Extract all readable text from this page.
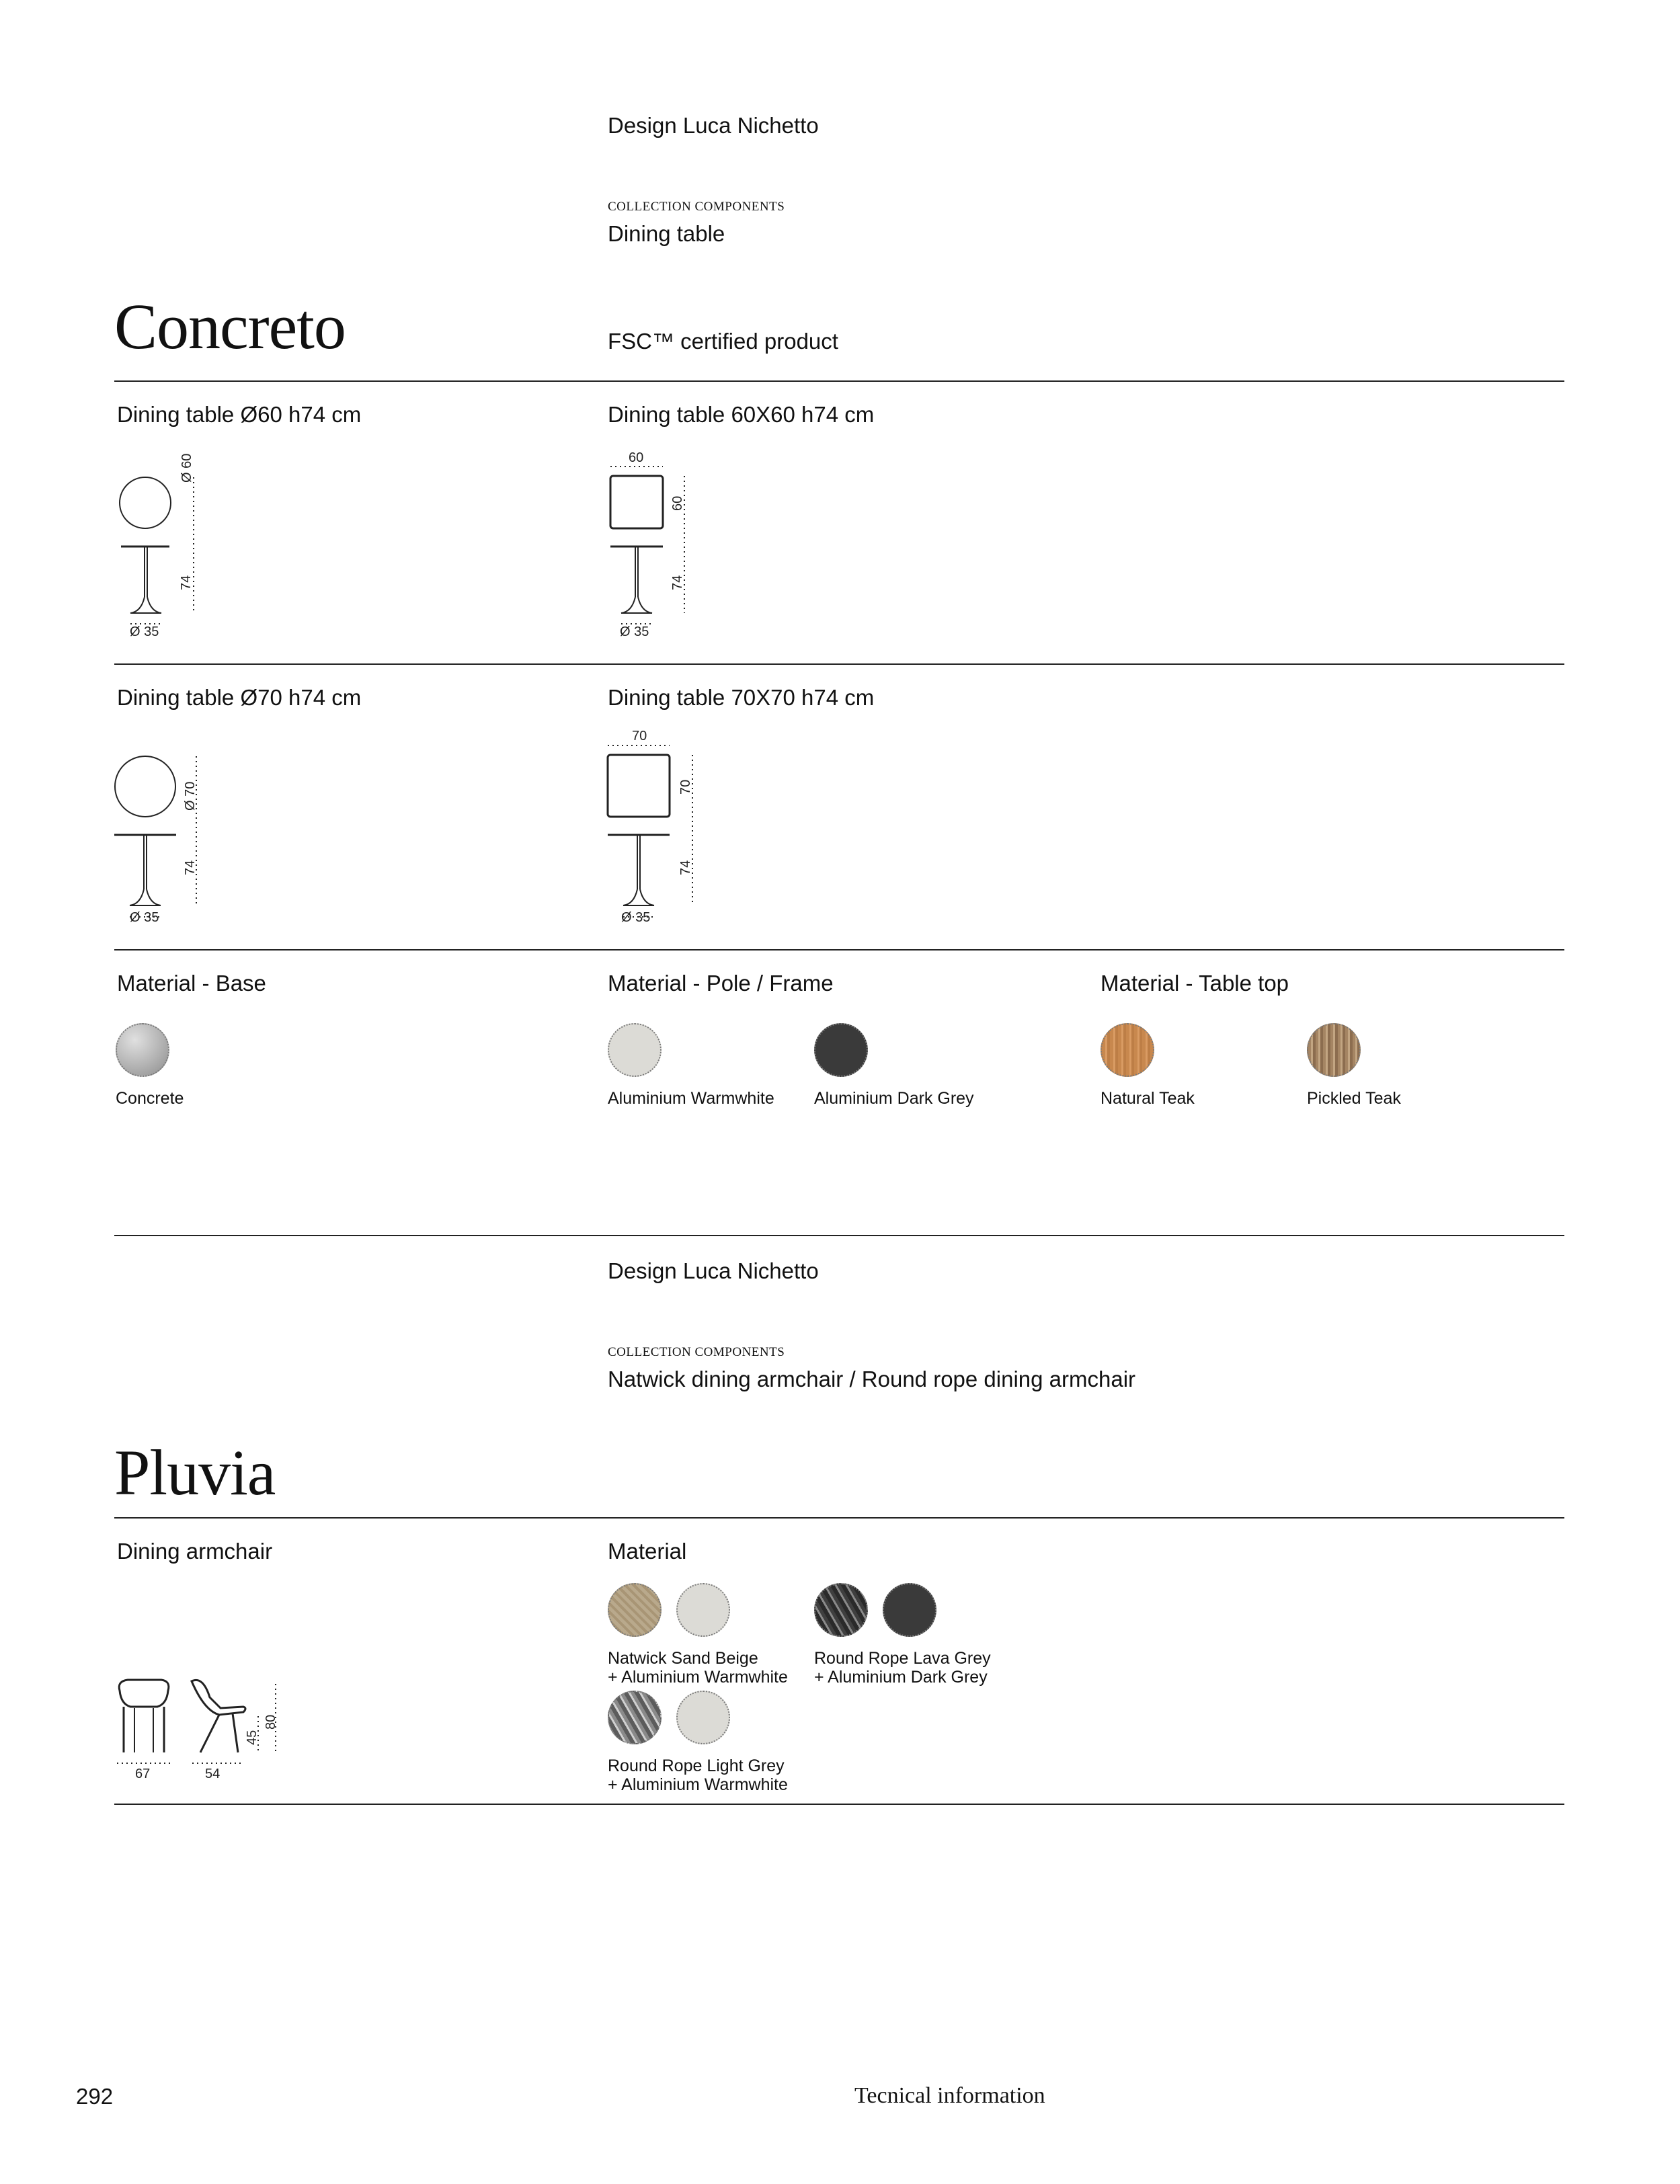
Design Luca Nichetto
COLLECTION COMPONENTS
Dining table
Concreto	FSC™ certified product
Dining table Ø60 h74 cm	Dining table 60X60 h74 cm
Ø 60
74
Ø 35
60
60
74
Ø 35
Dining table Ø70 h74 cm	Dining table 70X70 h74 cm
Ø 70
74
Ø 35
70
70
74
Ø 35
Material - Base	Material - Pole / Frame	Material - Table top
Concrete	Aluminium Warmwhite Aluminium Dark Grey	Natural Teak	Pickled Teak
Design Luca Nichetto
COLLECTION COMPONENTS
Natwick dining armchair / Round rope dining armchair
Pluvia
Dining armchair	Material
67	54
45
80
Natwick Sand Beige
+ Aluminium Warmwhite
Round Rope Lava Grey
+ Aluminium Dark Grey
Round Rope Light Grey
+ Aluminium Warmwhite
292	Tecnical information
